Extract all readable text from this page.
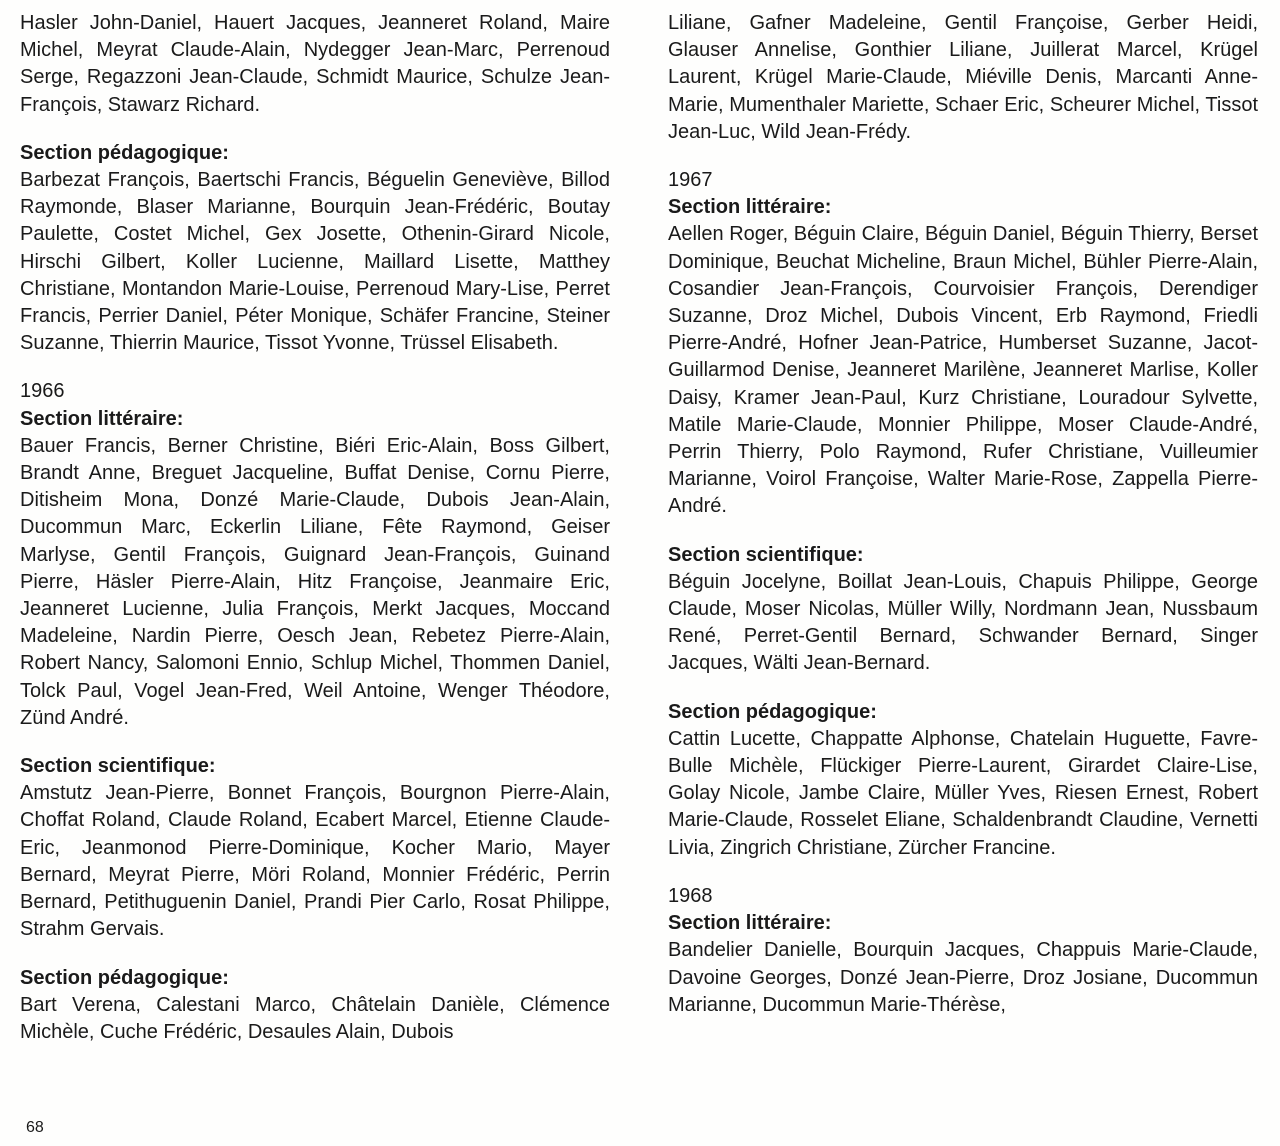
Hasler John-Daniel, Hauert Jacques, Jeanneret Roland, Maire Michel, Meyrat Claude-Alain, Nydegger Jean-Marc, Perrenoud Serge, Regazzoni Jean-Claude, Schmidt Maurice, Schulze Jean-François, Stawarz Richard.

Section pédagogique:

Barbezat François, Baertschi Francis, Béguelin Geneviève, Billod Raymonde, Blaser Marianne, Bourquin Jean-Frédéric, Boutay Paulette, Costet Michel, Gex Josette, Othenin-Girard Nicole, Hirschi Gilbert, Koller Lucienne, Maillard Lisette, Matthey Christiane, Montandon Marie-Louise, Perrenoud Mary-Lise, Perret Francis, Perrier Daniel, Péter Monique, Schäfer Francine, Steiner Suzanne, Thierrin Maurice, Tissot Yvonne, Trüssel Elisabeth.

1966

Section littéraire:

Bauer Francis, Berner Christine, Biéri Eric-Alain, Boss Gilbert, Brandt Anne, Breguet Jacqueline, Buffat Denise, Cornu Pierre, Ditisheim Mona, Donzé Marie-Claude, Dubois Jean-Alain, Ducommun Marc, Eckerlin Liliane, Fête Raymond, Geiser Marlyse, Gentil François, Guignard Jean-François, Guinand Pierre, Häsler Pierre-Alain, Hitz Françoise, Jeanmaire Eric, Jeanneret Lucienne, Julia François, Merkt Jacques, Moccand Madeleine, Nardin Pierre, Oesch Jean, Rebetez Pierre-Alain, Robert Nancy, Salomoni Ennio, Schlup Michel, Thommen Daniel, Tolck Paul, Vogel Jean-Fred, Weil Antoine, Wenger Théodore, Zünd André.

Section scientifique:

Amstutz Jean-Pierre, Bonnet François, Bourgnon Pierre-Alain, Choffat Roland, Claude Roland, Ecabert Marcel, Etienne Claude-Eric, Jeanmonod Pierre-Dominique, Kocher Mario, Mayer Bernard, Meyrat Pierre, Möri Roland, Monnier Frédéric, Perrin Bernard, Petithuguenin Daniel, Prandi Pier Carlo, Rosat Philippe, Strahm Gervais.

Section pédagogique:

Bart Verena, Calestani Marco, Châtelain Danièle, Clémence Michèle, Cuche Frédéric, Desaules Alain, Dubois

Liliane, Gafner Madeleine, Gentil Françoise, Gerber Heidi, Glauser Annelise, Gonthier Liliane, Juillerat Marcel, Krügel Laurent, Krügel Marie-Claude, Miéville Denis, Marcanti Anne-Marie, Mumenthaler Mariette, Schaer Eric, Scheurer Michel, Tissot Jean-Luc, Wild Jean-Frédy.

1967

Section littéraire:

Aellen Roger, Béguin Claire, Béguin Daniel, Béguin Thierry, Berset Dominique, Beuchat Micheline, Braun Michel, Bühler Pierre-Alain, Cosandier Jean-François, Courvoisier François, Derendiger Suzanne, Droz Michel, Dubois Vincent, Erb Raymond, Friedli Pierre-André, Hofner Jean-Patrice, Humberset Suzanne, Jacot-Guillarmod Denise, Jeanneret Marilène, Jeanneret Marlise, Koller Daisy, Kramer Jean-Paul, Kurz Christiane, Louradour Sylvette, Matile Marie-Claude, Monnier Philippe, Moser Claude-André, Perrin Thierry, Polo Raymond, Rufer Christiane, Vuilleumier Marianne, Voirol Françoise, Walter Marie-Rose, Zappella Pierre-André.

Section scientifique:

Béguin Jocelyne, Boillat Jean-Louis, Chapuis Philippe, George Claude, Moser Nicolas, Müller Willy, Nordmann Jean, Nussbaum René, Perret-Gentil Bernard, Schwander Bernard, Singer Jacques, Wälti Jean-Bernard.

Section pédagogique:

Cattin Lucette, Chappatte Alphonse, Chatelain Huguette, Favre-Bulle Michèle, Flückiger Pierre-Laurent, Girardet Claire-Lise, Golay Nicole, Jambe Claire, Müller Yves, Riesen Ernest, Robert Marie-Claude, Rosselet Eliane, Schaldenbrandt Claudine, Vernetti Livia, Zingrich Christiane, Zürcher Francine.

1968

Section littéraire:

Bandelier Danielle, Bourquin Jacques, Chappuis Marie-Claude, Davoine Georges, Donzé Jean-Pierre, Droz Josiane, Ducommun Marianne, Ducommun Marie-Thérèse,

68
